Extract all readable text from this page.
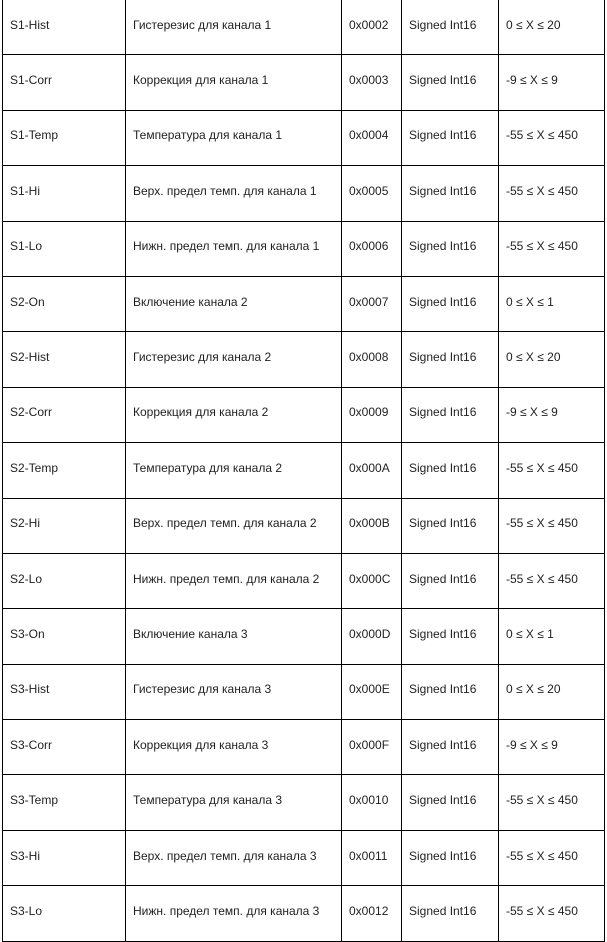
S1-Hist	Гистерезис для канала 1	0x0002	Signed Int16	0 ≤ X ≤ 20
S1-Corr	Коррекция для канала 1	0x0003	Signed Int16	-9 ≤ X ≤ 9
S1-Temp	Температура для канала 1	0x0004	Signed Int16	-55 ≤ X ≤ 450
S1-Hi	Верх. предел темп. для канала 1	0x0005	Signed Int16	-55 ≤ X ≤ 450
S1-Lo	Нижн. предел темп. для канала 1	0x0006	Signed Int16	-55 ≤ X ≤ 450
S2-On	Включение канала 2	0x0007	Signed Int16	0 ≤ X ≤ 1
S2-Hist	Гистерезис для канала 2	0x0008	Signed Int16	0 ≤ X ≤ 20
S2-Corr	Коррекция для канала 2	0x0009	Signed Int16	-9 ≤ X ≤ 9
S2-Temp	Температура для канала 2	0x000A	Signed Int16	-55 ≤ X ≤ 450
S2-Hi	Верх. предел темп. для канала 2	0x000B	Signed Int16	-55 ≤ X ≤ 450
S2-Lo	Нижн. предел темп. для канала 2	0x000C	Signed Int16	-55 ≤ X ≤ 450
S3-On	Включение канала 3	0x000D	Signed Int16	0 ≤ X ≤ 1
S3-Hist	Гистерезис для канала 3	0x000E	Signed Int16	0 ≤ X ≤ 20
S3-Corr	Коррекция для канала 3	0x000F	Signed Int16	-9 ≤ X ≤ 9
S3-Temp	Температура для канала 3	0x0010	Signed Int16	-55 ≤ X ≤ 450
S3-Hi	Верх. предел темп. для канала 3	0x0011	Signed Int16	-55 ≤ X ≤ 450
S3-Lo	Нижн. предел темп. для канала 3	0x0012	Signed Int16	-55 ≤ X ≤ 450
